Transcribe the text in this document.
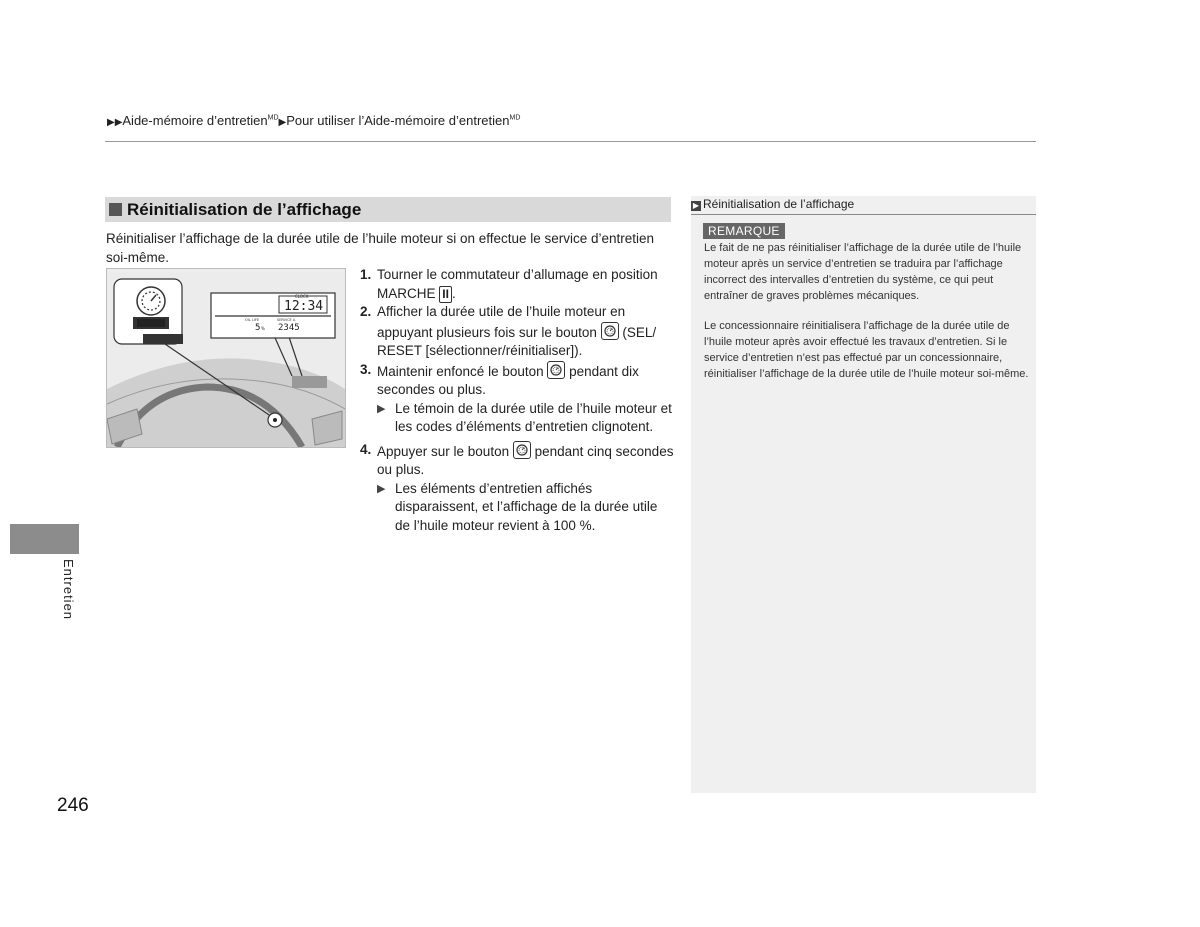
▶▶Aide-mémoire d’entretien$^{MD}$▶Pour utiliser l’Aide-mémoire d’entretien$^{MD}$
Réinitialisation de l’affichage
Réinitialiser l’affichage de la durée utile de l’huile moteur si on effectue le service d’entretien soi-même.
CLOCK
12:34
OIL LIFE	SERVICE A
5 % 2345
1. Tourner le commutateur d’allumage en position MARCHE II .
2. Afficher la durée utile de l’huile moteur en appuyant plusieurs fois sur le bouton
(SEL/ RESET [sélectionner/réinitialiser]).
3. Maintenir enfoncé le bouton
pendant dix secondes ou plus.
▶ Le témoin de la durée utile de l’huile moteur et les codes d’éléments d’entretien clignotent.
4. Appuyer sur le bouton
pendant cinq secondes ou plus.
▶ Les éléments d’entretien affichés disparaissent, et l’affichage de la durée utile de l’huile moteur revient à 100 %.
▶ Réinitialisation de l’affichage
REMARQUE
Le fait de ne pas réinitialiser l’affichage de la durée utile de l’huile moteur après un service d’entretien se traduira par l’affichage incorrect des intervalles d’entretien du système, ce qui peut entraîner de graves problèmes mécaniques.
Le concessionnaire réinitialisera l’affichage de la durée utile de l’huile moteur après avoir effectué les travaux d’entretien. Si le service d’entretien n’est pas effectué par un concessionnaire, réinitialiser l’affichage de la durée utile de l’huile moteur soi-même.
Entretien
246
